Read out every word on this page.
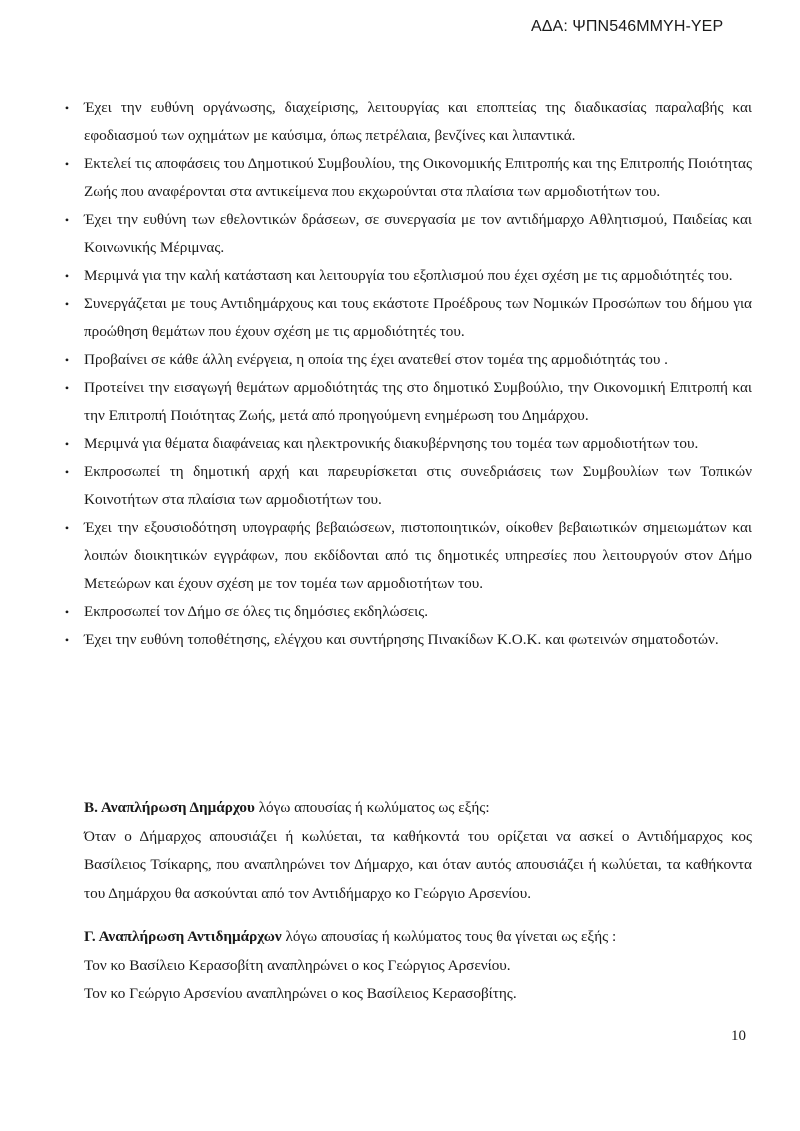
ΑΔΑ: ΨΠΝ546ΜΜΥΗ-ΥΕΡ
• Έχει την ευθύνη οργάνωσης, διαχείρισης, λειτουργίας και εποπτείας της διαδικασίας παραλαβής και εφοδιασμού των οχημάτων με καύσιμα, όπως πετρέλαια, βενζίνες και λιπαντικά.
• Εκτελεί τις αποφάσεις του Δημοτικού Συμβουλίου, της Οικονομικής Επιτροπής και της Επιτροπής Ποιότητας Ζωής που αναφέρονται στα αντικείμενα που εκχωρούνται στα πλαίσια των αρμοδιοτήτων του.
• Έχει την ευθύνη των εθελοντικών δράσεων, σε συνεργασία με τον αντιδήμαρχο Αθλητισμού, Παιδείας και Κοινωνικής Μέριμνας.
• Μεριμνά για την καλή κατάσταση και λειτουργία του εξοπλισμού που έχει σχέση με τις αρμοδιότητές του.
• Συνεργάζεται με τους Αντιδημάρχους και τους εκάστοτε Προέδρους των Νομικών Προσώπων του δήμου για προώθηση θεμάτων που έχουν σχέση με τις αρμοδιότητές του.
• Προβαίνει σε κάθε άλλη ενέργεια, η οποία της έχει ανατεθεί στον τομέα της αρμοδιότητάς του .
• Προτείνει την εισαγωγή θεμάτων αρμοδιότητάς της στο δημοτικό Συμβούλιο, την Οικονομική Επιτροπή και την Επιτροπή Ποιότητας Ζωής, μετά από προηγούμενη ενημέρωση του Δημάρχου.
• Μεριμνά για θέματα διαφάνειας και ηλεκτρονικής διακυβέρνησης του τομέα των αρμοδιοτήτων του.
• Εκπροσωπεί τη δημοτική αρχή και παρευρίσκεται στις συνεδριάσεις των Συμβουλίων των Τοπικών Κοινοτήτων στα πλαίσια των αρμοδιοτήτων του.
• Έχει την εξουσιοδότηση υπογραφής βεβαιώσεων, πιστοποιητικών, οίκοθεν βεβαιωτικών σημειωμάτων και λοιπών διοικητικών εγγράφων, που εκδίδονται από τις δημοτικές υπηρεσίες που λειτουργούν στον Δήμο Μετεώρων και έχουν σχέση με τον τομέα των αρμοδιοτήτων του.
• Εκπροσωπεί τον Δήμο σε όλες τις δημόσιες εκδηλώσεις.
• Έχει την ευθύνη τοποθέτησης, ελέγχου και συντήρησης Πινακίδων Κ.Ο.Κ. και φωτεινών σηματοδοτών.

Β. Αναπλήρωση Δημάρχου λόγω απουσίας ή κωλύματος ως εξής:

Όταν ο Δήμαρχος απουσιάζει ή κωλύεται, τα καθήκοντά του ορίζεται να ασκεί ο Αντιδήμαρχος κος Βασίλειος Τσίκαρης, που αναπληρώνει τον Δήμαρχο, και όταν αυτός απουσιάζει ή κωλύεται, τα καθήκοντα του Δημάρχου θα ασκούνται από τον Αντιδήμαρχο κο Γεώργιο Αρσενίου.

Γ. Αναπλήρωση Αντιδημάρχων λόγω απουσίας ή κωλύματος τους θα γίνεται ως εξής :

Τον κο Βασίλειο Κερασοβίτη αναπληρώνει ο κος Γεώργιος Αρσενίου.

Τον κο Γεώργιο Αρσενίου αναπληρώνει ο κος Βασίλειος Κερασοβίτης.

10
